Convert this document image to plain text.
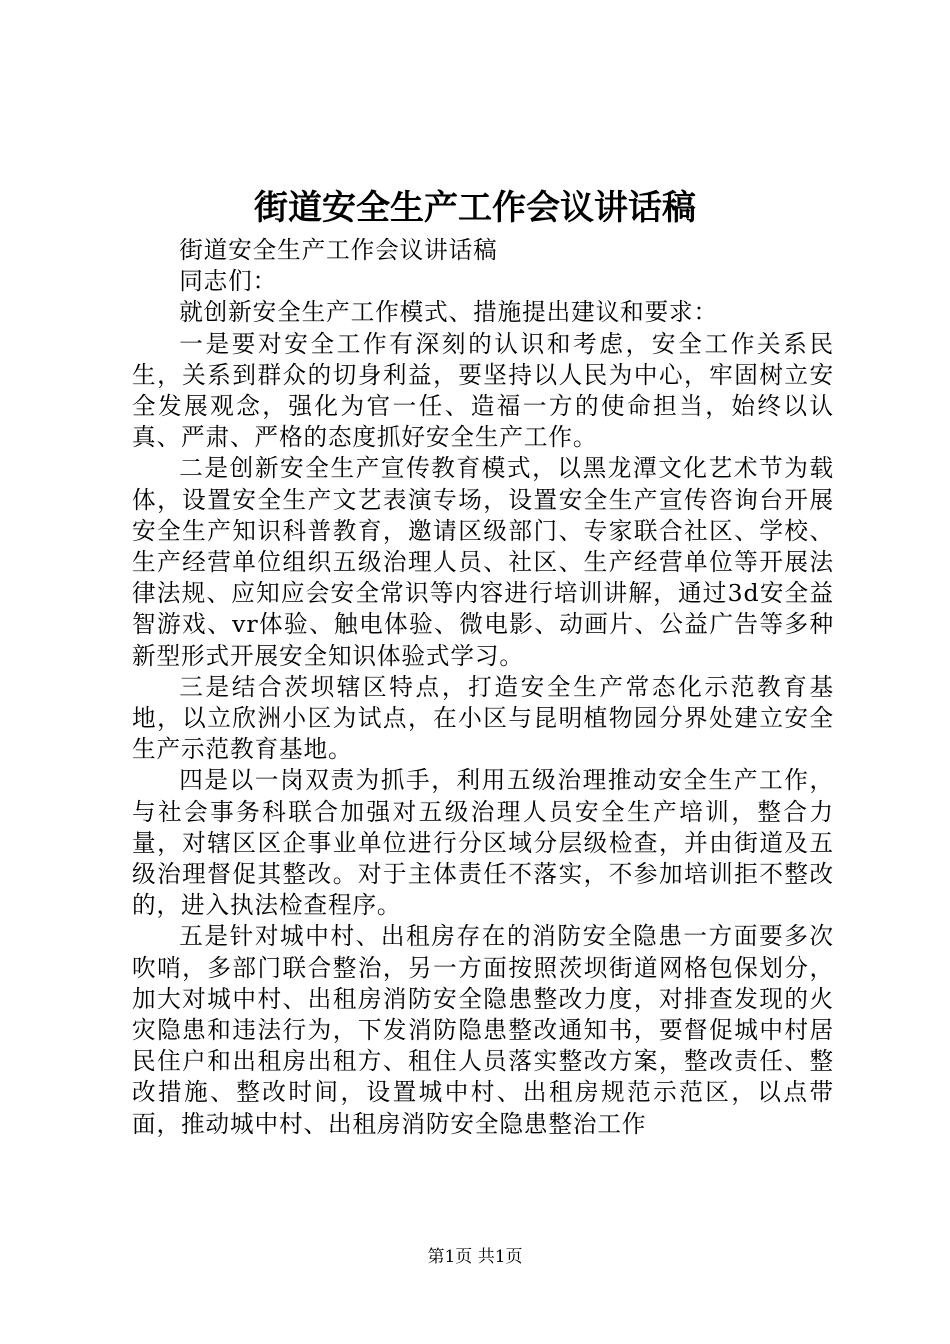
街道安全生产工作会议讲话稿

街道安全生产工作会议讲话稿

同志们：

就创新安全生产工作模式、措施提出建议和要求：

一是要对安全工作有深刻的认识和考虑，安全工作关系民生，关系到群众的切身利益，要坚持以人民为中心，牢固树立安全发展观念，强化为官一任、造福一方的使命担当，始终以认真、严肃、严格的态度抓好安全生产工作。

二是创新安全生产宣传教育模式，以黑龙潭文化艺术节为载体，设置安全生产文艺表演专场，设置安全生产宣传咨询台开展安全生产知识科普教育，邀请区级部门、专家联合社区、学校、生产经营单位组织五级治理人员、社区、生产经营单位等开展法律法规、应知应会安全常识等内容进行培训讲解，通过3d安全益智游戏、vr体验、触电体验、微电影、动画片、公益广告等多种新型形式开展安全知识体验式学习。

三是结合茨坝辖区特点，打造安全生产常态化示范教育基地，以立欣洲小区为试点，在小区与昆明植物园分界处建立安全生产示范教育基地。

四是以一岗双责为抓手，利用五级治理推动安全生产工作，与社会事务科联合加强对五级治理人员安全生产培训，整合力量，对辖区区企事业单位进行分区域分层级检查，并由街道及五级治理督促其整改。对于主体责任不落实，不参加培训拒不整改的，进入执法检查程序。

五是针对城中村、出租房存在的消防安全隐患一方面要多次吹哨，多部门联合整治，另一方面按照茨坝街道网格包保划分，加大对城中村、出租房消防安全隐患整改力度，对排查发现的火灾隐患和违法行为，下发消防隐患整改通知书，要督促城中村居民住户和出租房出租方、租住人员落实整改方案，整改责任、整改措施、整改时间，设置城中村、出租房规范示范区，以点带面，推动城中村、出租房消防安全隐患整治工作

第1页 共1页
